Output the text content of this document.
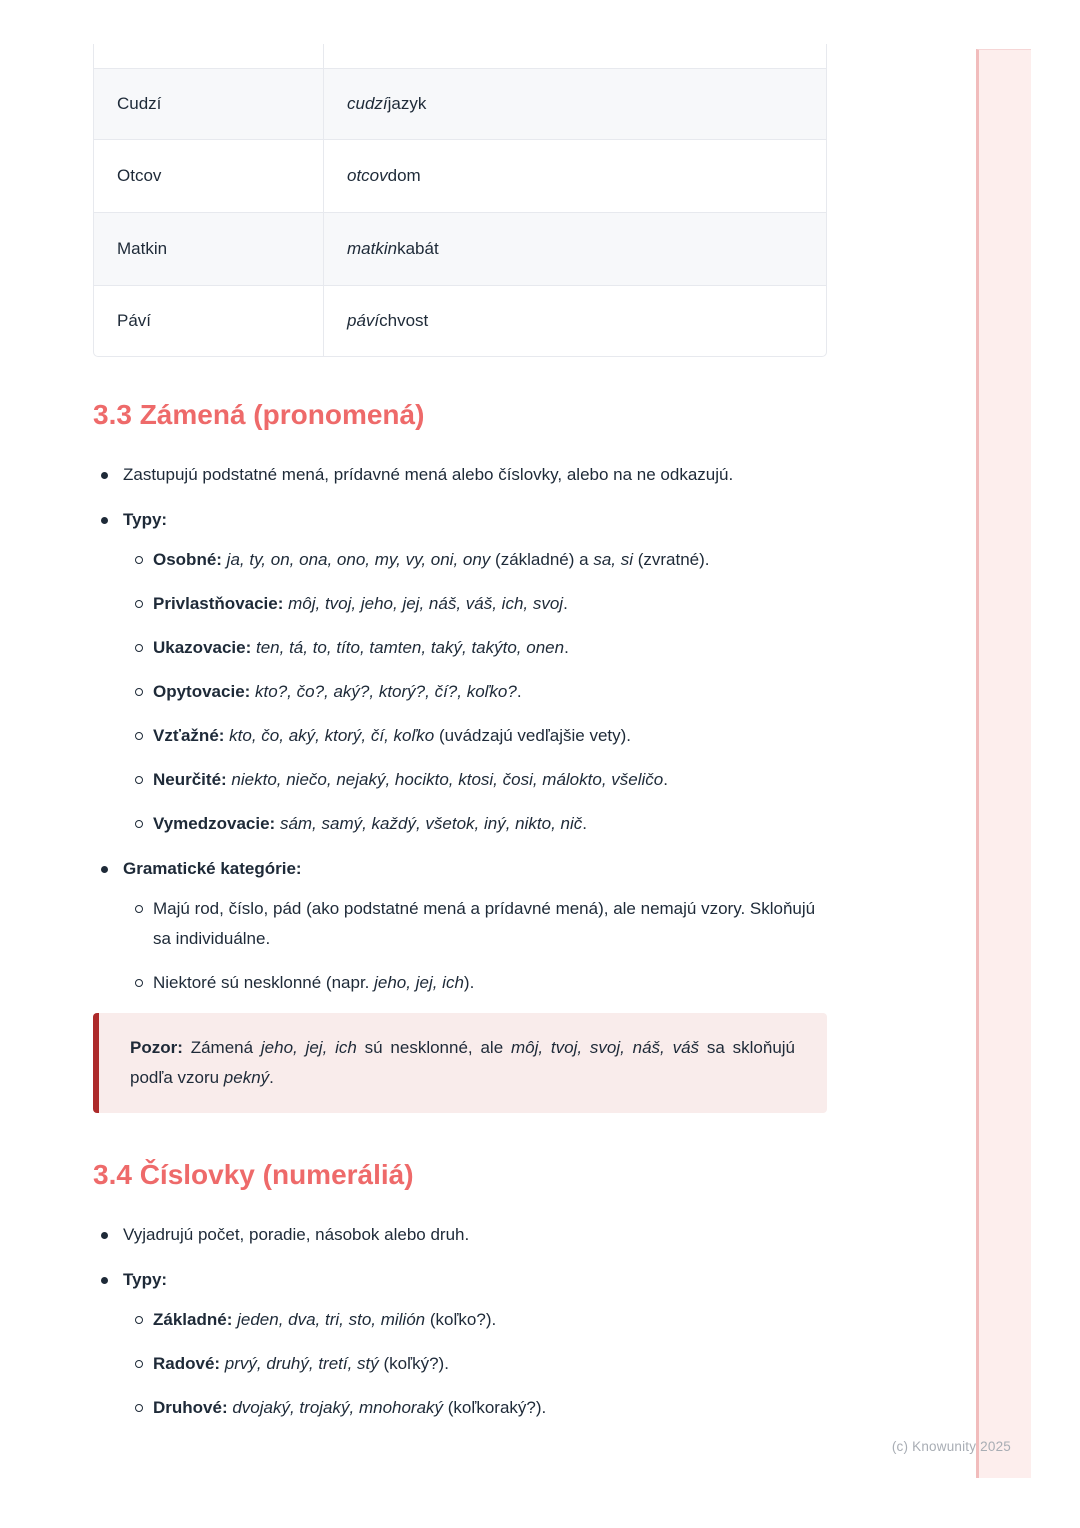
(c) Knowunity 2025
Cudzí	cudzí jazyk
Otcov	otcov dom
Matkin	matkin kabát
Páví	páví chvost
3.3 Zámená (pronomená)
Zastupujú podstatné mená, prídavné mená alebo číslovky, alebo na ne odkazujú.
Typy:
Osobné: ja, ty, on, ona, ono, my, vy, oni, ony (základné) a sa, si (zvratné).
Privlastňovacie: môj, tvoj, jeho, jej, náš, váš, ich, svoj.
Ukazovacie: ten, tá, to, títo, tamten, taký, takýto, onen.
Opytovacie: kto?, čo?, aký?, ktorý?, čí?, koľko?.
Vzťažné: kto, čo, aký, ktorý, čí, koľko (uvádzajú vedľajšie vety).
Neurčité: niekto, niečo, nejaký, hocikto, ktosi, čosi, málokto, všeličo.
Vymedzovacie: sám, samý, každý, všetok, iný, nikto, nič.
Gramatické kategórie:
Majú rod, číslo, pád (ako podstatné mená a prídavné mená), ale nemajú vzory. Skloňujú sa individuálne.
Niektoré sú nesklonné (napr. jeho, jej, ich).
Pozor: Zámená jeho, jej, ich sú nesklonné, ale môj, tvoj, svoj, náš, váš sa skloňujú podľa vzoru pekný.
3.4 Číslovky (numeráliá)
Vyjadrujú počet, poradie, násobok alebo druh.
Typy:
Základné: jeden, dva, tri, sto, milión (koľko?).
Radové: prvý, druhý, tretí, stý (koľký?).
Druhové: dvojaký, trojaký, mnohoraký (koľkoraký?).
